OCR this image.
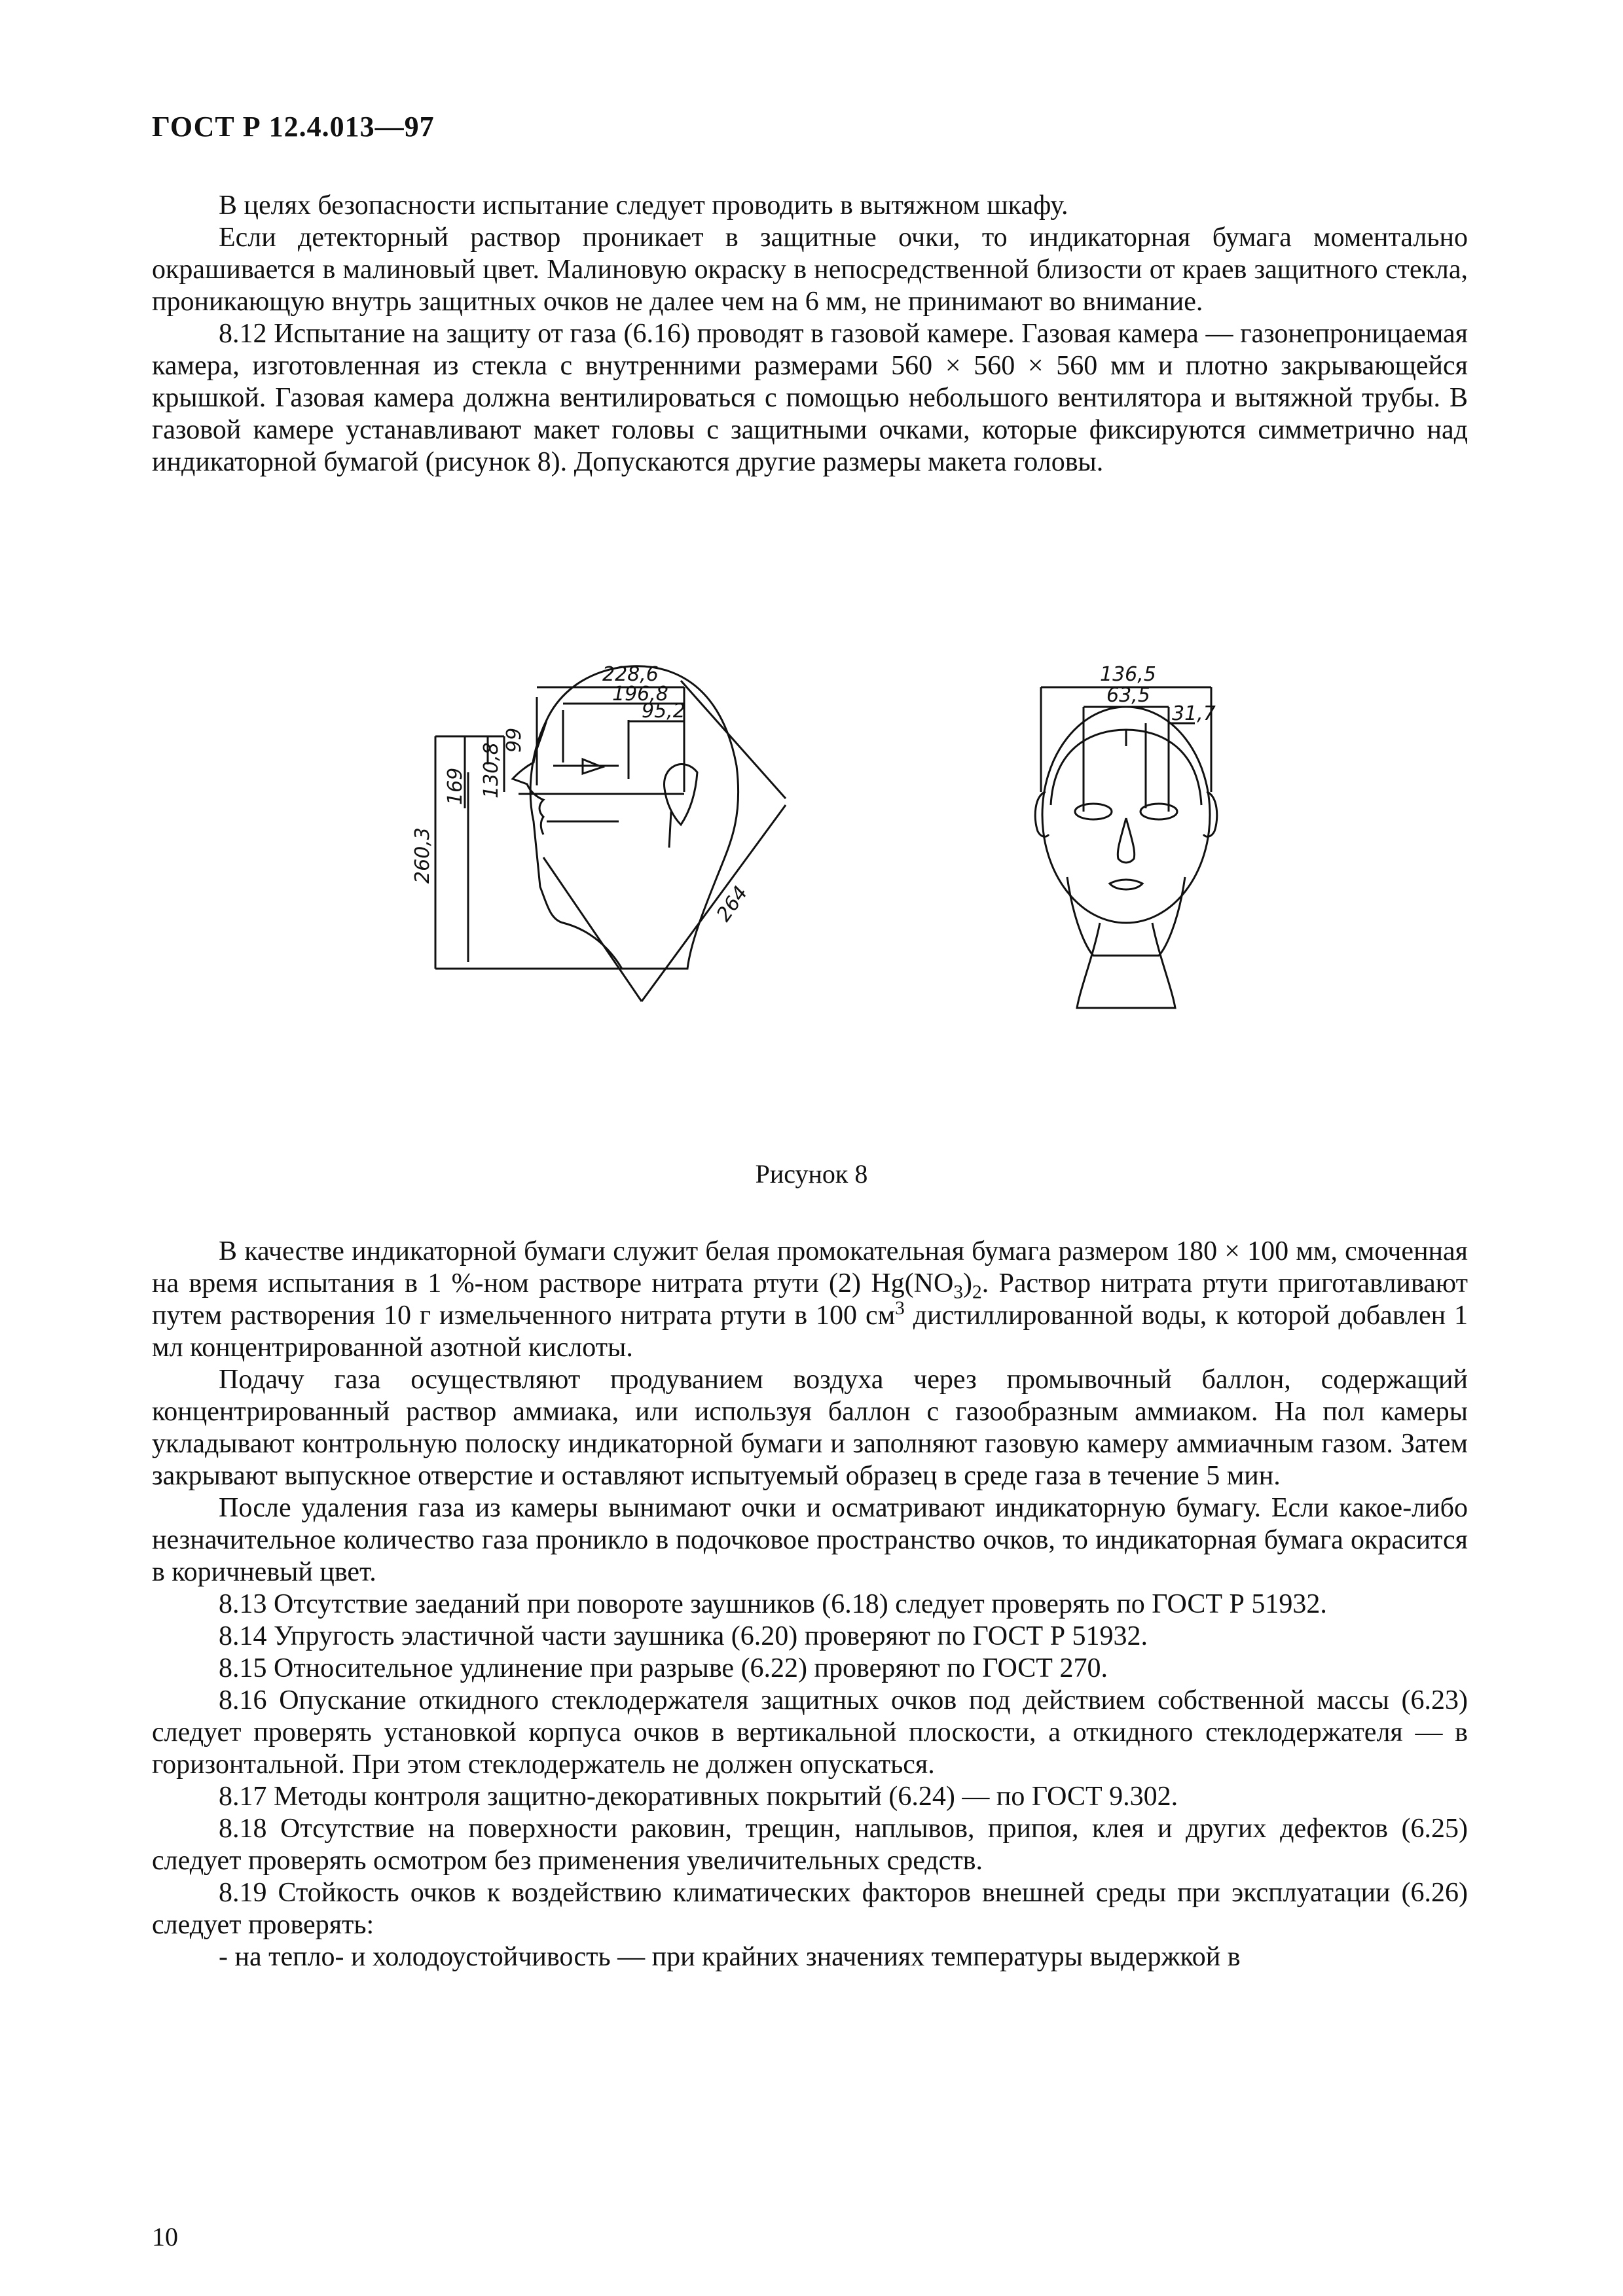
ГОСТ Р 12.4.013—97

В целях безопасности испытание следует проводить в вытяжном шкафу.

Если детекторный раствор проникает в защитные очки, то индикаторная бумага моментально окрашивается в малиновый цвет. Малиновую окраску в непосредственной близости от краев защитного стекла, проникающую внутрь защитных очков не далее чем на 6 мм, не принимают во внимание.

8.12 Испытание на защиту от газа (6.16) проводят в газовой камере. Газовая камера — газонепроницаемая камера, изготовленная из стекла с внутренними размерами 560 × 560 × 560 мм и плотно закрывающейся крышкой. Газовая камера должна вентилироваться с помощью небольшого вентилятора и вытяжной трубы. В газовой камере устанавливают макет головы с защитными очками, которые фиксируются симметрично над индикаторной бумагой (рисунок 8). Допускаются другие размеры макета головы.

228,6
196,8
95,2
136,5
63,5
31,7
260,3
169 130,8
99
264
Рисунок 8

В качестве индикаторной бумаги служит белая промокательная бумага размером 180 × 100 мм, смоченная на время испытания в 1 %-ном растворе нитрата ртути (2) $Hg(NO_3)_2$. Раствор нитрата ртути приготавливают путем растворения 10 г измельченного нитрата ртути в 100 $см^3$ дистиллированной воды, к которой добавлен 1 мл концентрированной азотной кислоты.

Подачу газа осуществляют продуванием воздуха через промывочный баллон, содержащий концентрированный раствор аммиака, или используя баллон с газообразным аммиаком. На пол камеры укладывают контрольную полоску индикаторной бумаги и заполняют газовую камеру аммиачным газом. Затем закрывают выпускное отверстие и оставляют испытуемый образец в среде газа в течение 5 мин.

После удаления газа из камеры вынимают очки и осматривают индикаторную бумагу. Если какое-либо незначительное количество газа проникло в подочковое пространство очков, то индикаторная бумага окрасится в коричневый цвет.

8.13 Отсутствие заеданий при повороте заушников (6.18) следует проверять по ГОСТ Р 51932.

8.14 Упругость эластичной части заушника (6.20) проверяют по ГОСТ Р 51932.

8.15 Относительное удлинение при разрыве (6.22) проверяют по ГОСТ 270.

8.16 Опускание откидного стеклодержателя защитных очков под действием собственной массы (6.23) следует проверять установкой корпуса очков в вертикальной плоскости, а откидного стеклодержателя — в горизонтальной. При этом стеклодержатель не должен опускаться.

8.17 Методы контроля защитно-декоративных покрытий (6.24) — по ГОСТ 9.302.

8.18 Отсутствие на поверхности раковин, трещин, наплывов, припоя, клея и других дефектов (6.25) следует проверять осмотром без применения увеличительных средств.

8.19 Стойкость очков к воздействию климатических факторов внешней среды при эксплуатации (6.26) следует проверять:

- на тепло- и холодоустойчивость — при крайних значениях температуры выдержкой в

10
